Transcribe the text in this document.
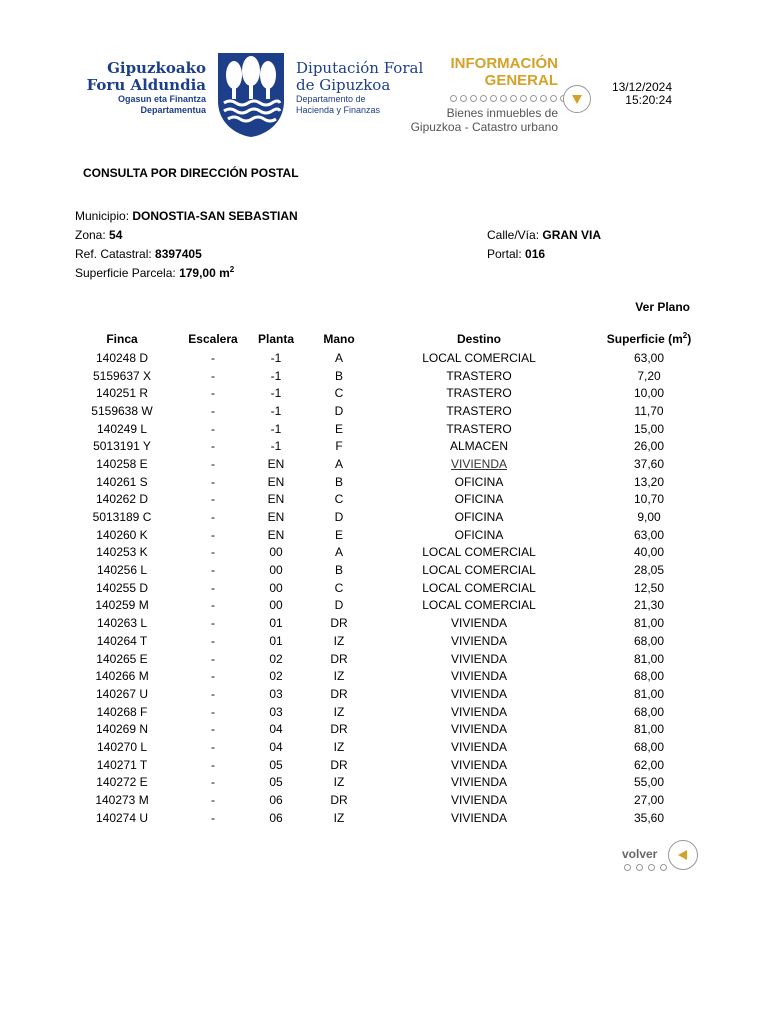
Gipuzkoako
Foru Aldundia
Ogasun eta Finantza
Departamentua
Diputación Foral
de Gipuzkoa
Departamento de
Hacienda y Finanzas
INFORMACIÓN
GENERAL
Bienes inmuebles de
Gipuzkoa - Catastro urbano
13/12/2024
15:20:24
CONSULTA POR DIRECCIÓN POSTAL
Municipio: DONOSTIA-SAN SEBASTIAN
Zona: 54
Ref. Catastral: 8397405
Superficie Parcela: 179,00 $m^2$
Calle/Vía: GRAN VIA
Portal: 016
Ver Plano
Finca	Escalera	Planta	Mano	Destino	Superficie $(m^2)$
140248 D	-	-1	A	LOCAL COMERCIAL	63,00
5159637 X	-	-1	B	TRASTERO	7,20
140251 R	-	-1	C	TRASTERO	10,00
5159638 W	-	-1	D	TRASTERO	11,70
140249 L	-	-1	E	TRASTERO	15,00
5013191 Y	-	-1	F	ALMACEN	26,00
140258 E	-	EN	A	VIVIENDA	37,60
140261 S	-	EN	B	OFICINA	13,20
140262 D	-	EN	C	OFICINA	10,70
5013189 C	-	EN	D	OFICINA	9,00
140260 K	-	EN	E	OFICINA	63,00
140253 K	-	00	A	LOCAL COMERCIAL	40,00
140256 L	-	00	B	LOCAL COMERCIAL	28,05
140255 D	-	00	C	LOCAL COMERCIAL	12,50
140259 M	-	00	D	LOCAL COMERCIAL	21,30
140263 L	-	01	DR	VIVIENDA	81,00
140264 T	-	01	IZ	VIVIENDA	68,00
140265 E	-	02	DR	VIVIENDA	81,00
140266 M	-	02	IZ	VIVIENDA	68,00
140267 U	-	03	DR	VIVIENDA	81,00
140268 F	-	03	IZ	VIVIENDA	68,00
140269 N	-	04	DR	VIVIENDA	81,00
140270 L	-	04	IZ	VIVIENDA	68,00
140271 T	-	05	DR	VIVIENDA	62,00
140272 E	-	05	IZ	VIVIENDA	55,00
140273 M	-	06	DR	VIVIENDA	27,00
140274 U	-	06	IZ	VIVIENDA	35,60
volver
